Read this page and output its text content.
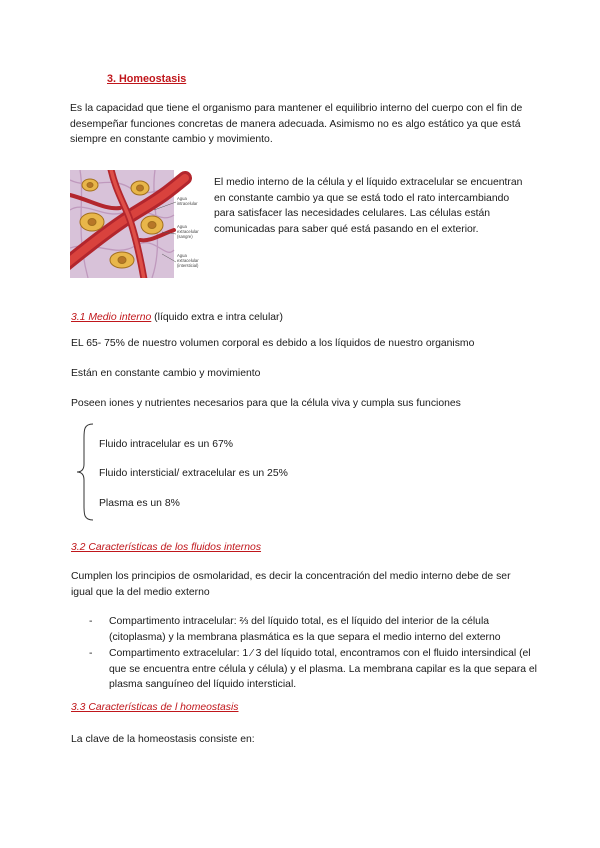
3. Homeostasis
Es la capacidad que tiene el organismo para mantener el equilibrio interno del cuerpo con el fin de desempeñar funciones concretas de manera adecuada. Asimismo no es algo estático ya que está siempre en constante cambio y movimiento.
Agua intracelular
Agua extracelular (sangre)
Agua extracelular (intersticial)
El medio interno de la célula y el líquido extracelular se encuentran en constante cambio ya que se está todo el rato intercambiando para satisfacer las necesidades celulares. Las células están comunicadas para saber qué está pasando en el exterior.
3.1 Medio interno (líquido extra e intra celular)
EL 65- 75% de nuestro volumen corporal es debido a los líquidos de nuestro organismo
Están en constante cambio y movimiento
Poseen iones y nutrientes necesarios para que la célula viva y cumpla sus funciones
Fluido intracelular es un 67%
Fluido intersticial/ extracelular es un 25%
Plasma es un 8%
3.2 Características de los fluidos internos
Cumplen los principios de osmolaridad, es decir la concentración del medio interno debe de ser igual que la del medio externo
- Compartimento intracelular: ⅔ del líquido total, es el líquido del interior de la célula (citoplasma) y la membrana plasmática es la que separa el medio interno del externo
- Compartimento extracelular: 1 ⁄ 3 del líquido total, encontramos con el fluido intersindical (el que se encuentra entre célula y célula) y el plasma. La membrana capilar es la que separa el plasma sanguíneo del líquido intersticial.
3.3 Características de l homeostasis
La clave de la homeostasis consiste en:
